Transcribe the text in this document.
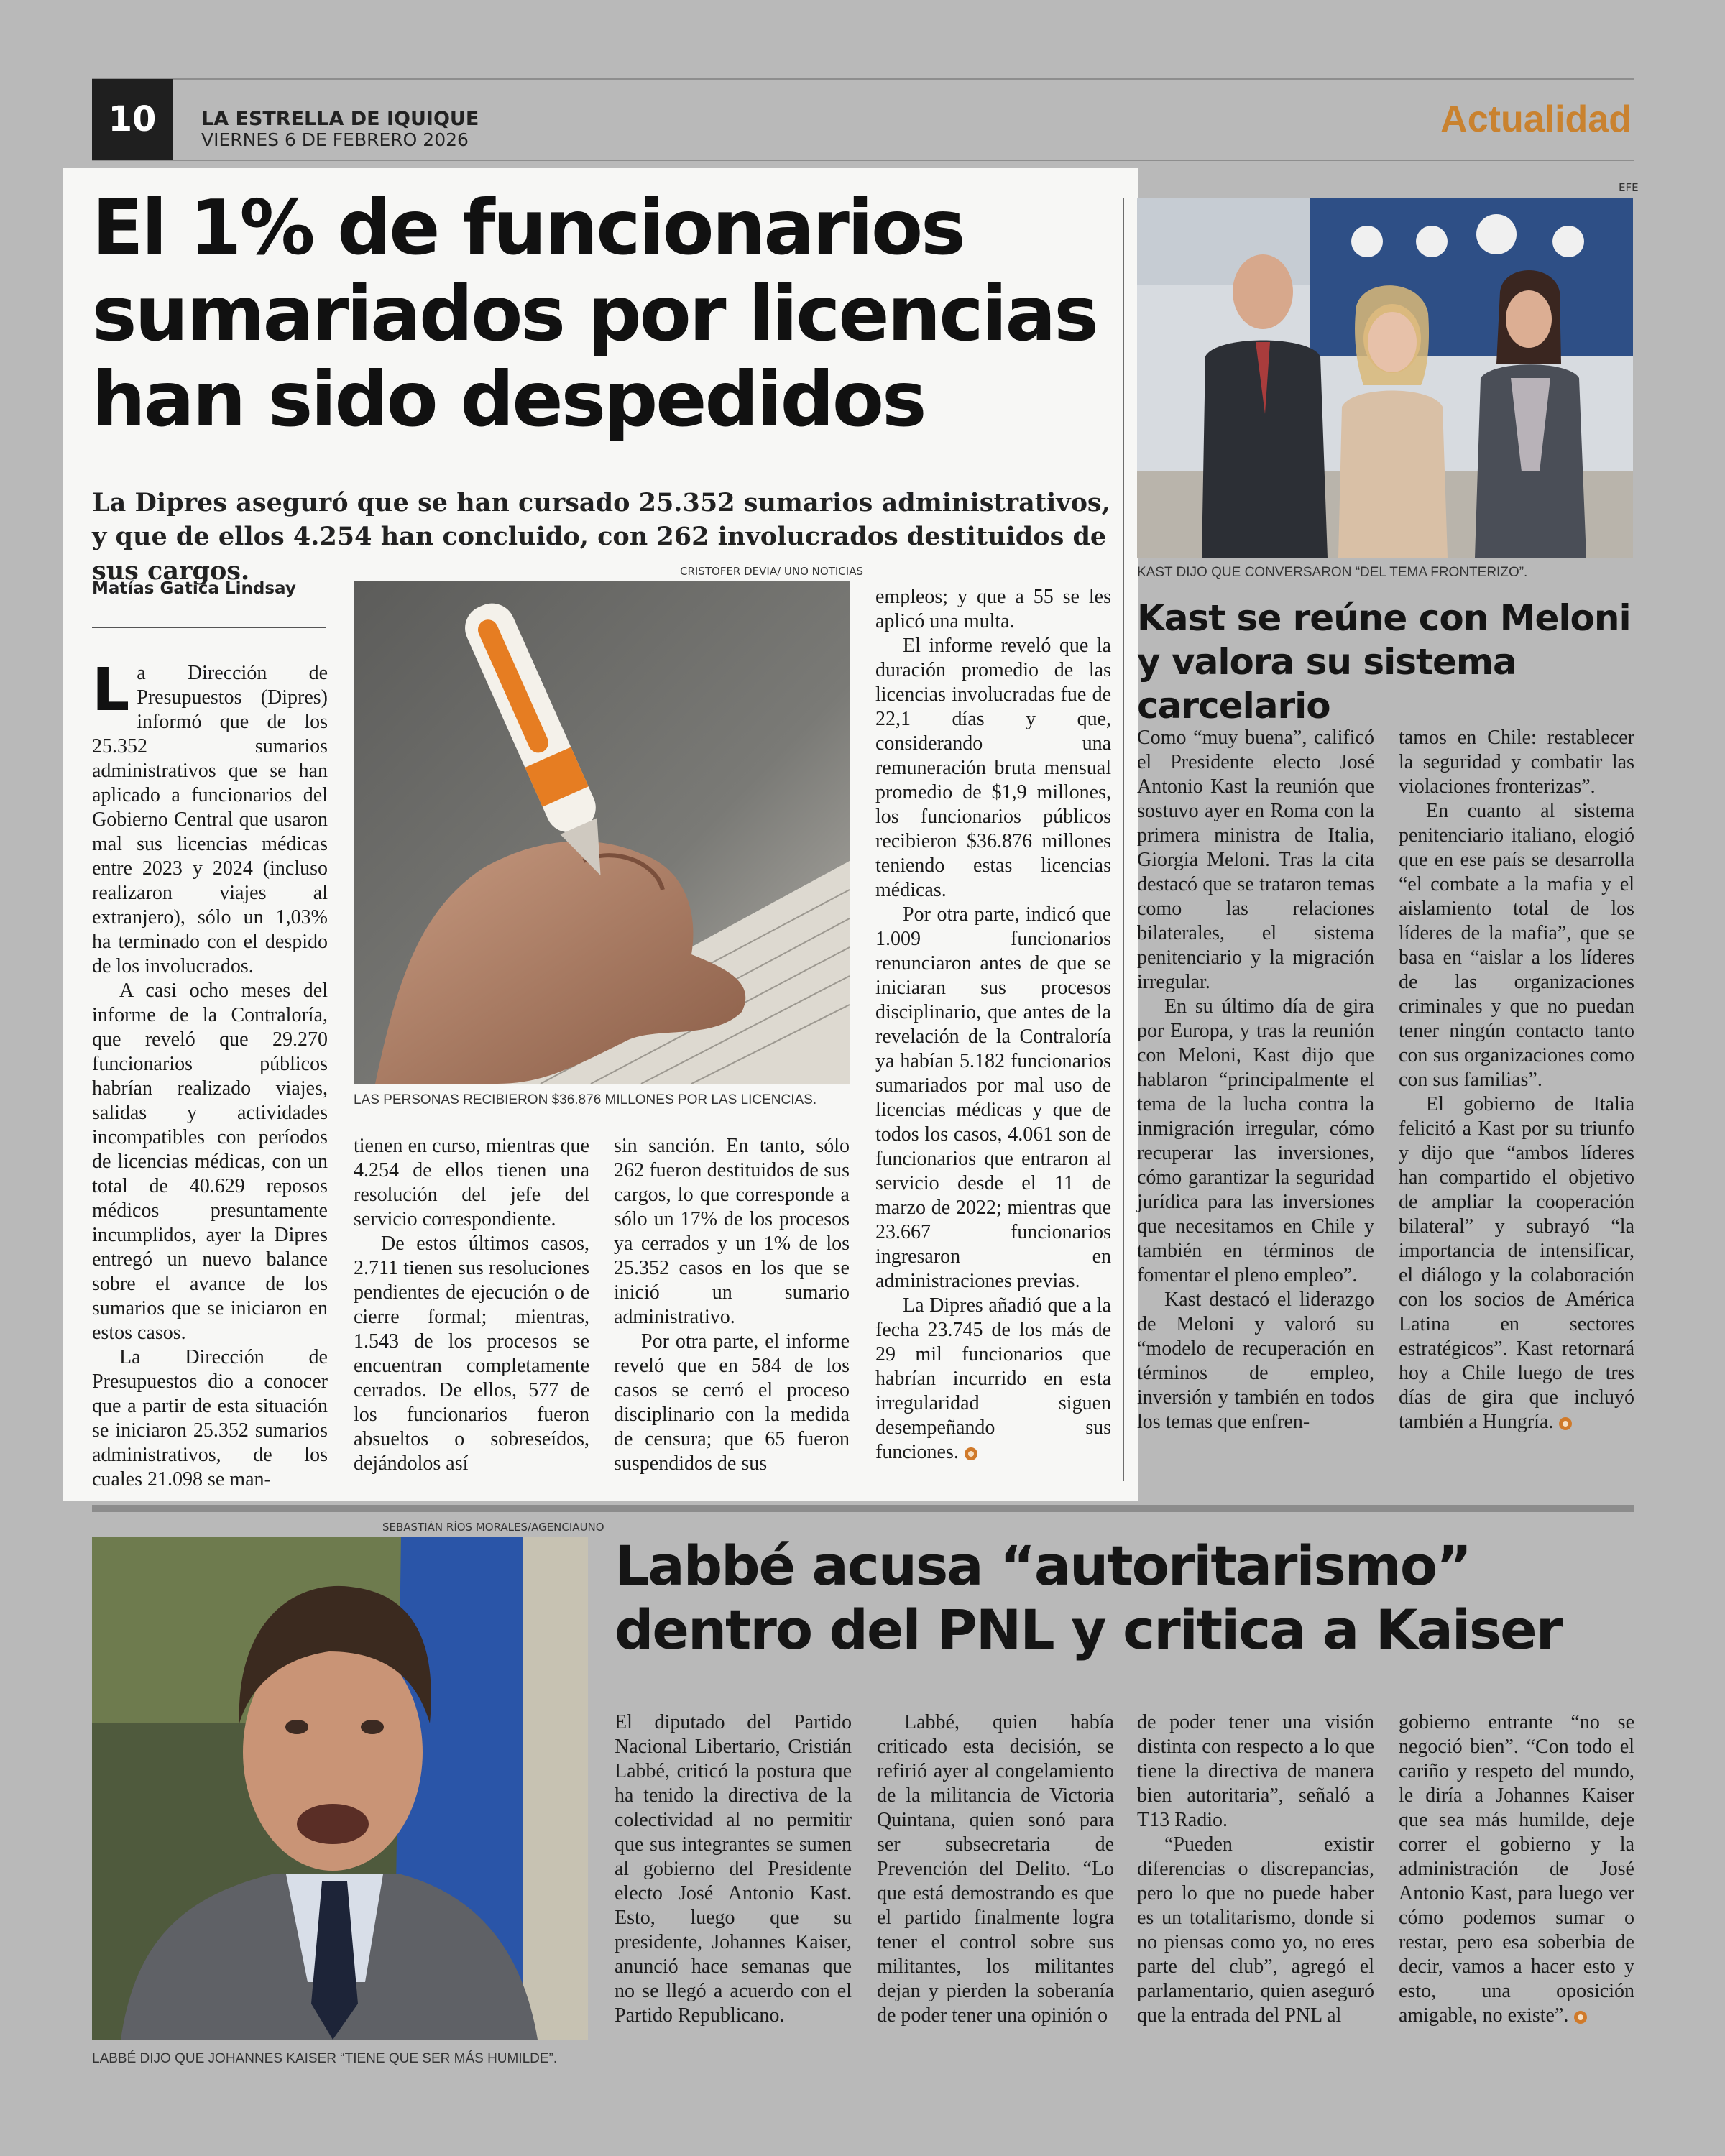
10	LA ESTRELLA DE IQUIQUE
VIERNES 6 DE FEBRERO 2026	Actualidad
El 1% de funcionarios sumariados por licencias han sido despedidos
La Dipres aseguró que se han cursado 25.352 sumarios administrativos, y que de ellos 4.254 han concluido, con 262 involucrados destituidos de sus cargos.
Matías Gatica Lindsay
CRISTOFER DEVIA/ UNO NOTICIAS
LAS PERSONAS RECIBIERON $36.876 MILLONES POR LAS LICENCIAS.

La Dirección de Presupuestos (Dipres) informó que de los 25.352 sumarios administrativos que se han aplicado a funcionarios del Gobierno Central que usaron mal sus licencias médicas entre 2023 y 2024 (incluso realizaron viajes al extranjero), sólo un 1,03% ha terminado con el despido de los involucrados.

A casi ocho meses del informe de la Contraloría, que reveló que 29.270 funcionarios públicos habrían realizado viajes, salidas y actividades incompatibles con períodos de licencias médicas, con un total de 40.629 reposos médicos presuntamente incumplidos, ayer la Dipres entregó un nuevo balance sobre el avance de los sumarios que se iniciaron en estos casos.

La Dirección de Presupuestos dio a conocer que a partir de esta situación se iniciaron 25.352 sumarios administrativos, de los cuales 21.098 se man-

tienen en curso, mientras que 4.254 de ellos tienen una resolución del jefe del servicio correspondiente.

De estos últimos casos, 2.711 tienen sus resoluciones pendientes de ejecución o de cierre formal; mientras, 1.543 de los procesos se encuentran completamente cerrados. De ellos, 577 de los funcionarios fueron absueltos o sobreseídos, dejándolos así

sin sanción. En tanto, sólo 262 fueron destituidos de sus cargos, lo que corresponde a sólo un 17% de los procesos ya cerrados y un 1% de los 25.352 casos en los que se inició un sumario administrativo.

Por otra parte, el informe reveló que en 584 de los casos se cerró el proceso disciplinario con la medida de censura; que 65 fueron suspendidos de sus

empleos; y que a 55 se les aplicó una multa.

El informe reveló que la duración promedio de las licencias involucradas fue de 22,1 días y que, considerando una remuneración bruta mensual promedio de $1,9 millones, los funcionarios públicos recibieron $36.876 millones teniendo estas licencias médicas.

Por otra parte, indicó que 1.009 funcionarios renunciaron antes de que se iniciaran sus procesos disciplinario, que antes de la revelación de la Contraloría ya habían 5.182 funcionarios sumariados por mal uso de licencias médicas y que de todos los casos, 4.061 son de funcionarios que entraron al servicio desde el 11 de marzo de 2022; mientras que 23.667 funcionarios ingresaron en administraciones previas.

La Dipres añadió que a la fecha 23.745 de los más de 29 mil funcionarios que habrían incurrido en esta irregularidad siguen desempeñando sus funciones.

EFE
KAST DIJO QUE CONVERSARON “DEL TEMA FRONTERIZO”.
Kast se reúne con Meloni y valora su sistema carcelario

Como “muy buena”, calificó el Presidente electo José Antonio Kast la reunión que sostuvo ayer en Roma con la primera ministra de Italia, Giorgia Meloni. Tras la cita destacó que se trataron temas como las relaciones bilaterales, el sistema penitenciario y la migración irregular.

En su último día de gira por Europa, y tras la reunión con Meloni, Kast dijo que hablaron “principalmente el tema de la lucha contra la inmigración irregular, cómo recuperar las inversiones, cómo garantizar la seguridad jurídica para las inversiones que necesitamos en Chile y también en términos de fomentar el pleno empleo”.

Kast destacó el liderazgo de Meloni y valoró su “modelo de recuperación en términos de empleo, inversión y también en todos los temas que enfren-

tamos en Chile: restablecer la seguridad y combatir las violaciones fronterizas”.

En cuanto al sistema penitenciario italiano, elogió que en ese país se desarrolla “el combate a la mafia y el aislamiento total de los líderes de la mafia”, que se basa en “aislar a los líderes de las organizaciones criminales y que no puedan tener ningún contacto tanto con sus organizaciones como con sus familias”.

El gobierno de Italia felicitó a Kast por su triunfo y dijo que “ambos líderes han compartido el objetivo de ampliar la cooperación bilateral” y subrayó “la importancia de intensificar, el diálogo y la colaboración con los socios de América Latina en sectores estratégicos”. Kast retornará hoy a Chile luego de tres días de gira que incluyó también a Hungría.

SEBASTIÁN RÍOS MORALES/AGENCIAUNO
LABBÉ DIJO QUE JOHANNES KAISER “TIENE QUE SER MÁS HUMILDE”.
Labbé acusa “autoritarismo” dentro del PNL y critica a Kaiser

El diputado del Partido Nacional Libertario, Cristián Labbé, criticó la postura que ha tenido la directiva de la colectividad al no permitir que sus integrantes se sumen al gobierno del Presidente electo José Antonio Kast. Esto, luego que su presidente, Johannes Kaiser, anunció hace semanas que no se llegó a acuerdo con el Partido Republicano.

Labbé, quien había criticado esta decisión, se refirió ayer al congelamiento de la militancia de Victoria Quintana, quien sonó para ser subsecretaria de Prevención del Delito. “Lo que está demostrando es que el partido finalmente logra tener el control sobre sus militantes, los militantes dejan y pierden la soberanía de poder tener una opinión o

de poder tener una visión distinta con respecto a lo que tiene la directiva de manera bien autoritaria”, señaló a T13 Radio.

“Pueden existir diferencias o discrepancias, pero lo que no puede haber es un totalitarismo, donde si no piensas como yo, no eres parte del club”, agregó el parlamentario, quien aseguró que la entrada del PNL al

gobierno entrante “no se negoció bien”. “Con todo el cariño y respeto del mundo, le diría a Johannes Kaiser que sea más humilde, deje correr el gobierno y la administración de José Antonio Kast, para luego ver cómo podemos sumar o restar, pero esa soberbia de decir, vamos a hacer esto y esto, una oposición amigable, no existe”.
